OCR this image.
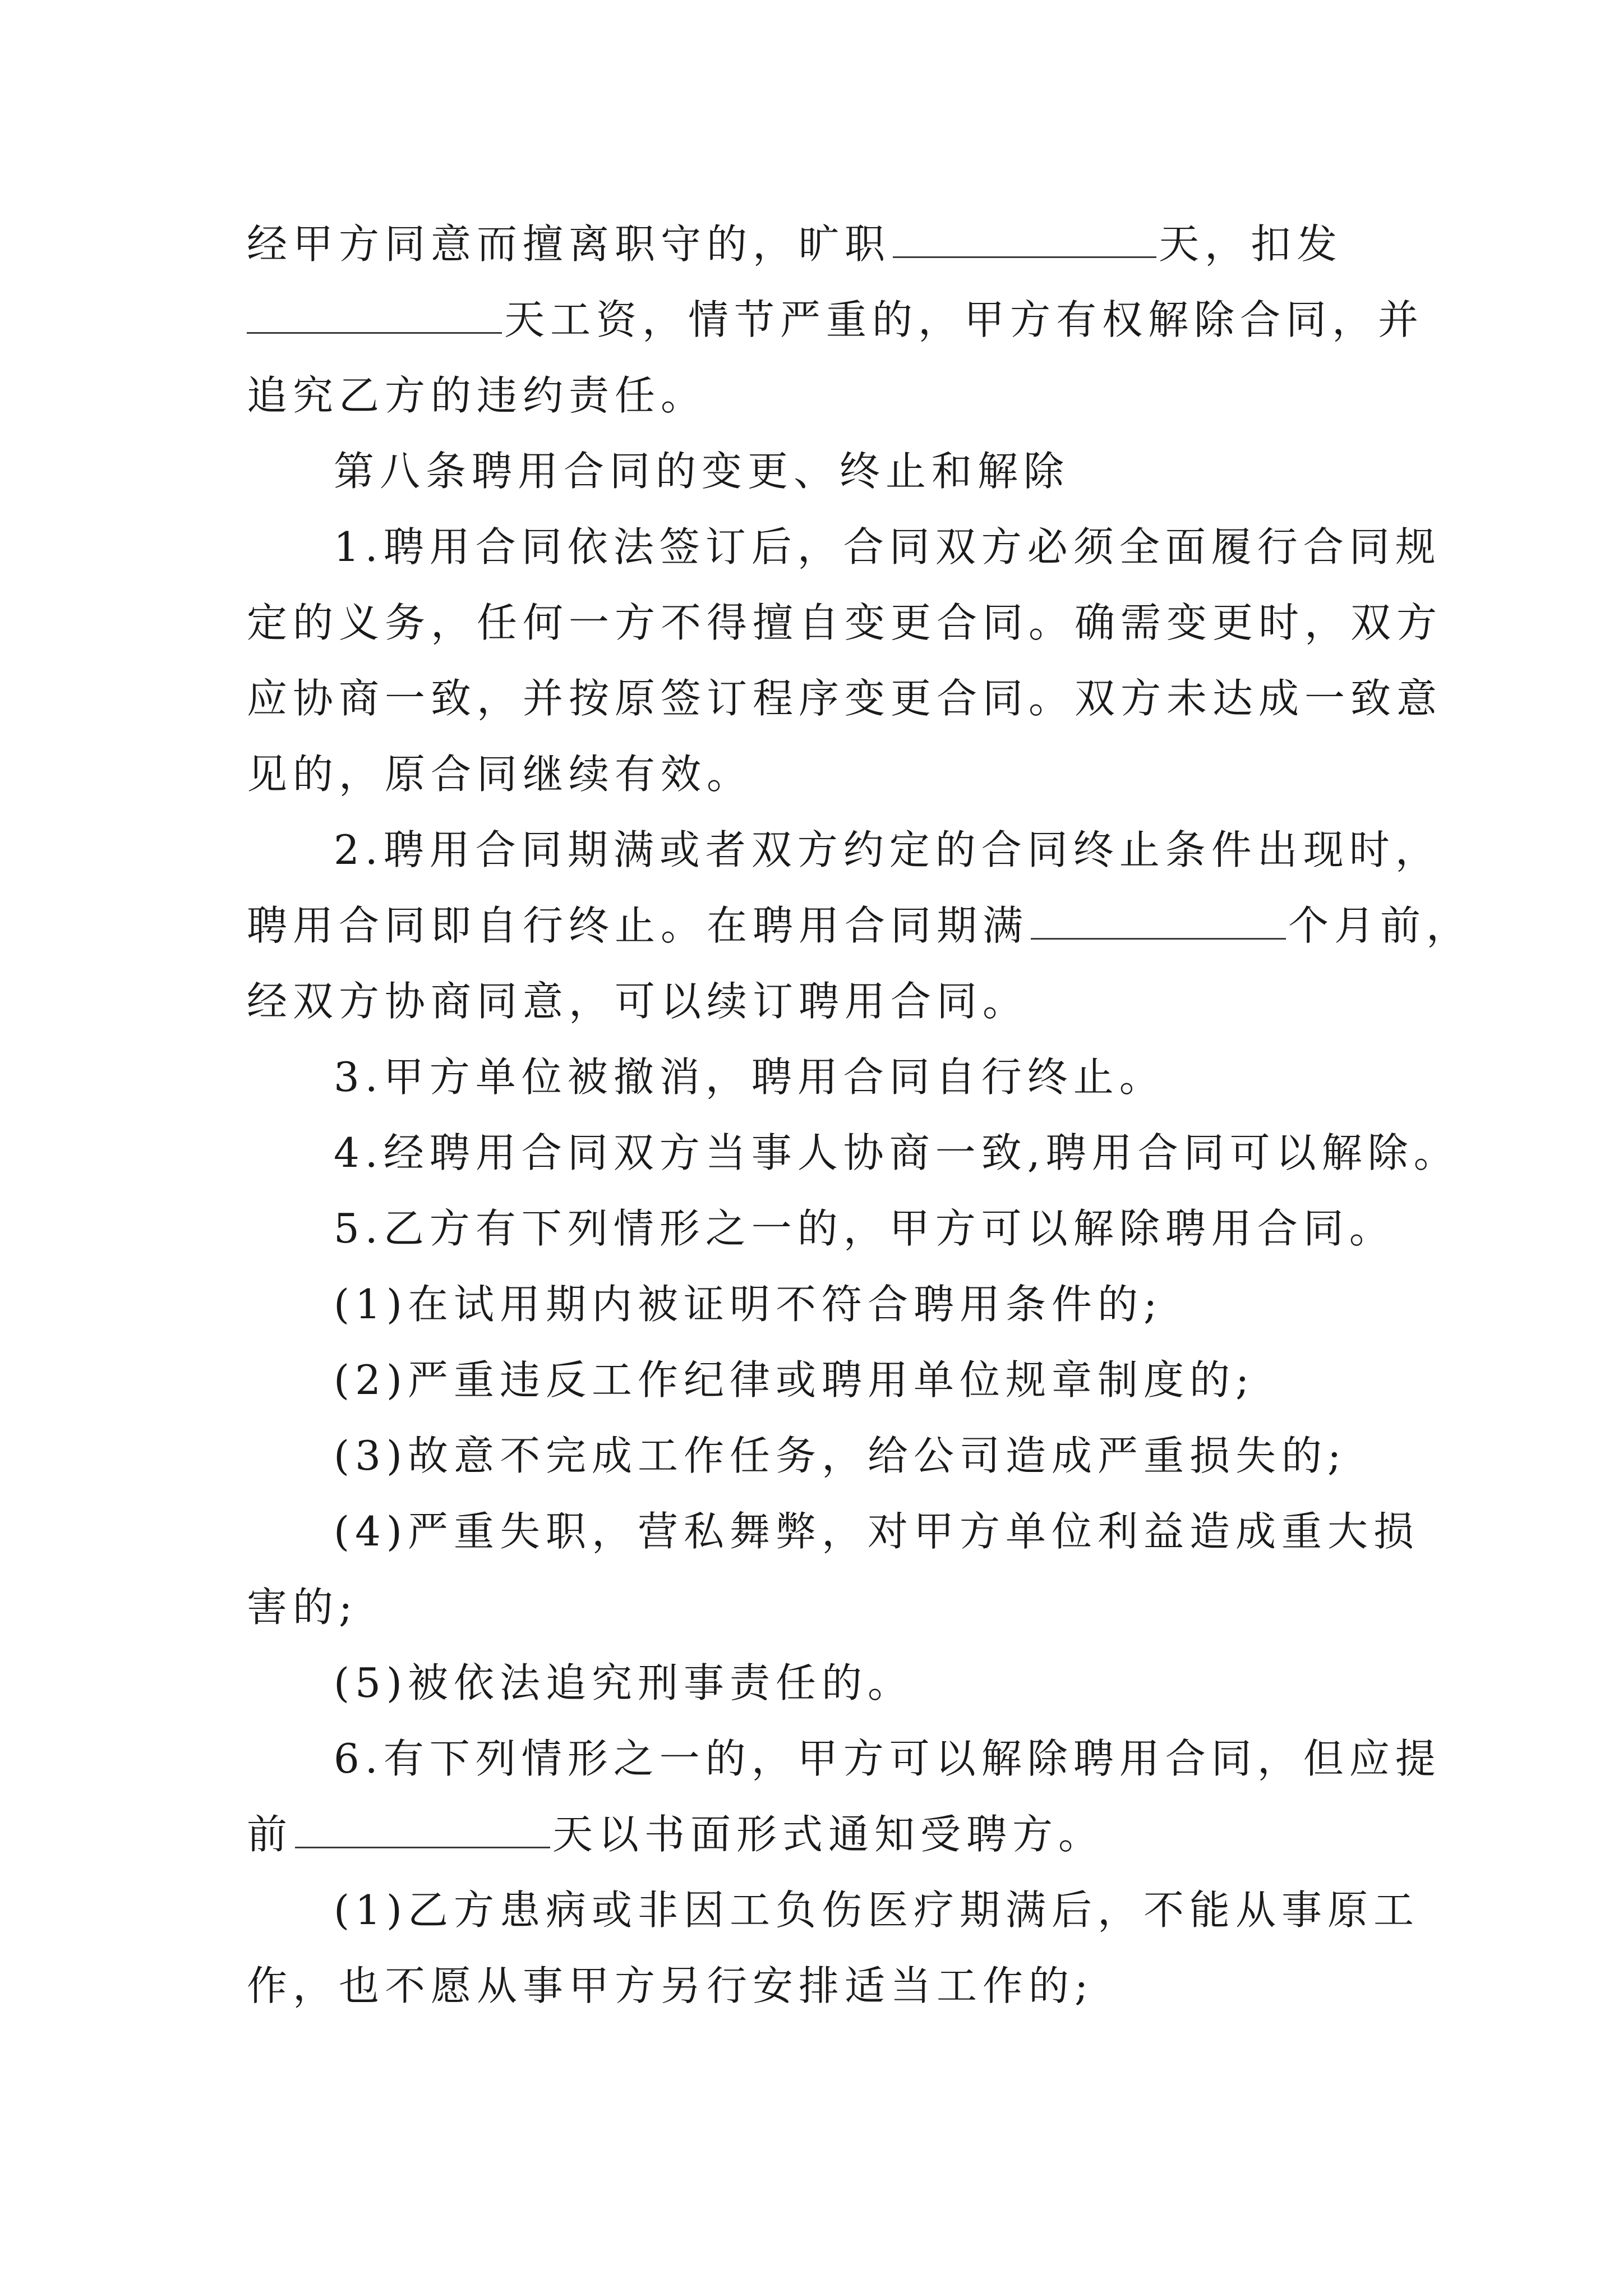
经甲方同意而擅离职守的，旷职	天，扣发
天工资，情节严重的，甲方有权解除合同，并
追究乙方的违约责任。
第八条聘用合同的变更、终止和解除
1.聘用合同依法签订后，合同双方必须全面履行合同规
定的义务，任何一方不得擅自变更合同。确需变更时，双方
应协商一致，并按原签订程序变更合同。双方未达成一致意
见的，原合同继续有效。
2.聘用合同期满或者双方约定的合同终止条件出现时，
聘用合同即自行终止。在聘用合同期满	个月前，
经双方协商同意，可以续订聘用合同。
3.甲方单位被撤消，聘用合同自行终止。
4.经聘用合同双方当事人协商一致,聘用合同可以解除。
5.乙方有下列情形之一的，甲方可以解除聘用合同。
(1)在试用期内被证明不符合聘用条件的;
(2)严重违反工作纪律或聘用单位规章制度的;
(3)故意不完成工作任务，给公司造成严重损失的;
(4)严重失职，营私舞弊，对甲方单位利益造成重大损
害的;
(5)被依法追究刑事责任的。
6.有下列情形之一的，甲方可以解除聘用合同，但应提
前	天以书面形式通知受聘方。
(1)乙方患病或非因工负伤医疗期满后，不能从事原工
作，也不愿从事甲方另行安排适当工作的;
